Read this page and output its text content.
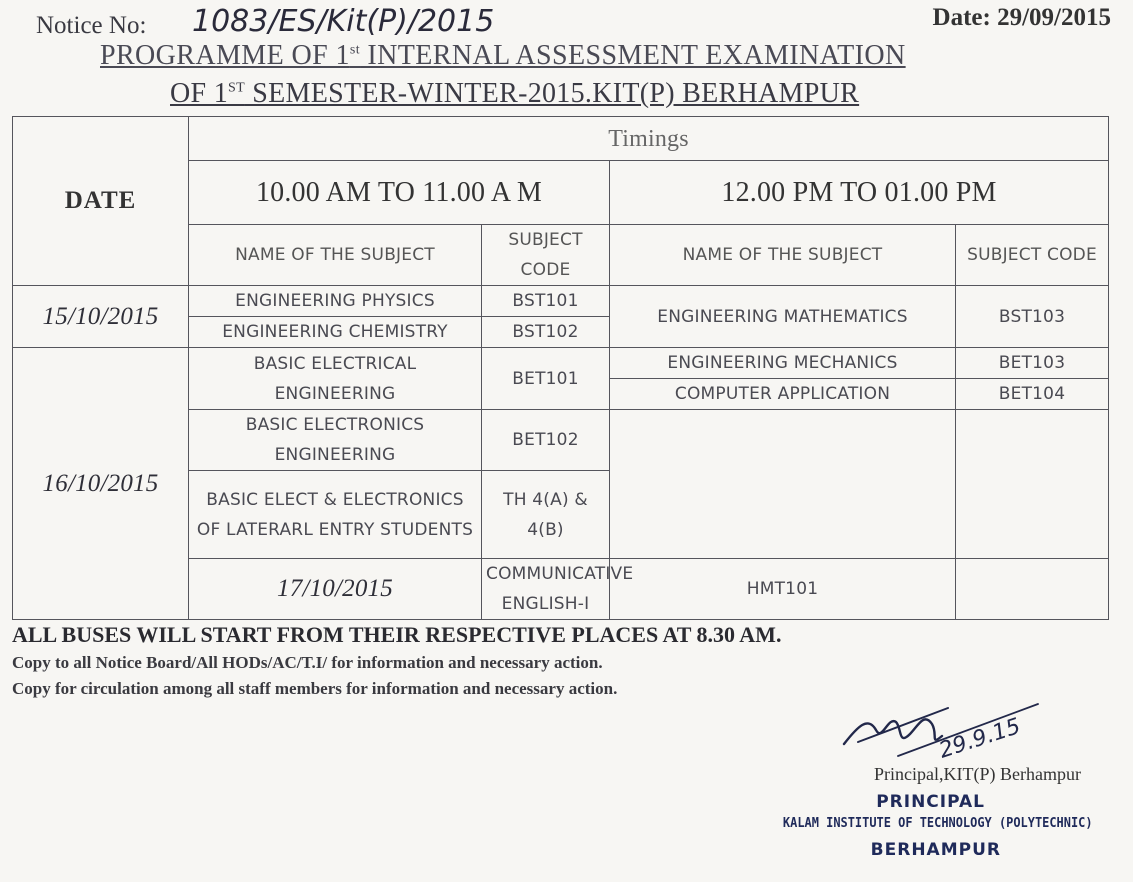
Notice No: 1083/ES/Kit(P)/2015	Date: 29/09/2015
PROGRAMME OF 1st INTERNAL ASSESSMENT EXAMINATION
OF 1ST SEMESTER-WINTER-2015.KIT(P) BERHAMPUR
DATE	Timings				
	10.00 AM TO 11.00 A M		12.00 PM TO 01.00 PM		
	NAME OF THE SUBJECT	SUBJECT CODE	NAME OF THE SUBJECT	SUBJECT CODE	
15/10/2015	ENGINEERING PHYSICS	BST101	ENGINEERING MATHEMATICS	BST103	
	ENGINEERING CHEMISTRY	BST102			
16/10/2015	BASIC ELECTRICAL ENGINEERING	BET101	ENGINEERING MECHANICS	BET103	
			COMPUTER APPLICATION	BET104	
	BASIC ELECTRONICS ENGINEERING	BET102			
	BASIC ELECT & ELECTRONICS OF LATERARL ENTRY STUDENTS	TH 4(A) & 4(B)			
	17/10/2015	COMMUNICATIVE ENGLISH-I	HMT101		
ALL BUSES WILL START FROM THEIR RESPECTIVE PLACES AT 8.30 AM.
Copy to all Notice Board/All HODs/AC/T.I/ for information and necessary action.
Copy for circulation among all staff members for information and necessary action.
29.9.15
Principal,KIT(P) Berhampur
PRINCIPAL
KALAM INSTITUTE OF TECHNOLOGY (POLYTECHNIC)
BERHAMPUR
